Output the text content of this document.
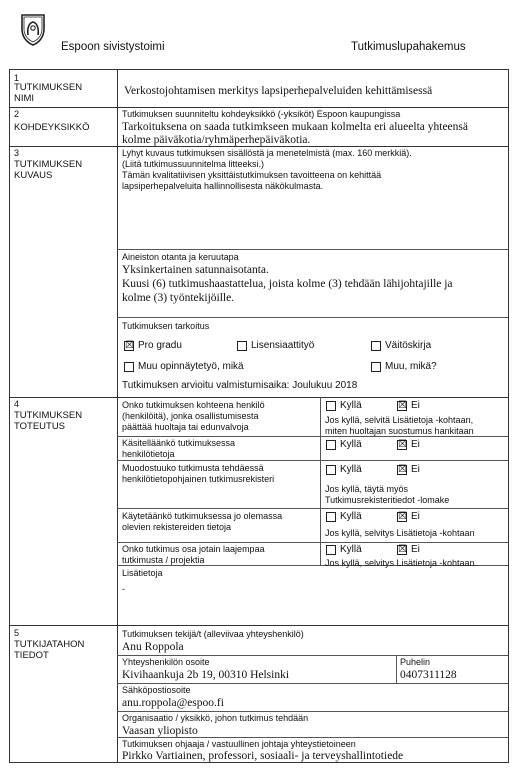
Espoon sivistystoimi	Tutkimuslupahakemus
1
TUTKIMUKSEN
NIMI
Verkostojohtamisen merkitys lapsiperhepalveluiden kehittämisessä
2
KOHDEYKSIKKÖ
Tutkimuksen suunniteltu kohdeyksikkö (-yksiköt) Espoon kaupungissa
Tarkoituksena on saada tutkimkseen mukaan kolmelta eri alueelta yhteensä
kolme päiväkotia/ryhmäperhepäiväkotia.
3
TUTKIMUKSEN
KUVAUS
Lyhyt kuvaus tutkimuksen sisällöstä ja menetelmistä (max. 160 merkkiä).
(Liitä tutkimussuunnitelma litteeksi.)
Tämän kvalitatiivisen yksittäistutkimuksen tavoitteena on kehittää
lapsiperhepalveluita hallinnollisesta näkökulmasta.
Aineiston otanta ja keruutapa
Yksinkertainen satunnaisotanta.
Kuusi (6) tutkimushaastattelua, joista kolme (3) tehdään lähijohtajille ja
kolme (3) työntekijöille.
Tutkimuksen tarkoitus
☒ Pro gradu	Lisensiaattityö	Väitöskirja
Muu opinnäytetyö, mikä	Muu, mikä?
Tutkimuksen arvioitu valmistumisaika: Joulukuu 2018
4
TUTKIMUKSEN
TOTEUTUS
Onko tutkimuksen kohteena henkilö
(henkilöitä), jonka osallistumisesta
päättää huoltaja tai edunvalvoja
Kyllä	☒ Ei
Jos kyllä, selvitä Lisätietoja -kohtaan,
miten huoltajan suostumus hankitaan
Käsitelläänkö tutkimuksessa
henkilötietoja
Kyllä	☒ Ei
Muodostuuko tutkimusta tehdäessä
henkilötietopohjainen tutkimusrekisteri
Kyllä	☒ Ei
Jos kyllä, täytä myös
Tutkimusrekisteritiedot -lomake
Käytetäänkö tutkimuksessa jo olemassa
olevien rekistereiden tietoja
Kyllä	☒ Ei
Jos kyllä, selvitys Lisätietoja -kohtaan
Onko tutkimus osa jotain laajempaa
tutkimusta / projektia
Kyllä	☒ Ei
Jos kyllä, selvitys Lisätietoja -kohtaan.
Lisätietoja
-
5
TUTKIJATAHON
TIEDOT
Tutkimuksen tekijä/t (alleviivaa yhteyshenkilö)
Anu Roppola
Yhteyshenkilön osoite
Kivihaankuja 2b 19, 00310 Helsinki
Puhelin
0407311128
Sähköpostiosoite
anu.roppola@espoo.fi
Organisaatio / yksikkö, johon tutkimus tehdään
Vaasan yliopisto
Tutkimuksen ohjaaja / vastuullinen johtaja yhteystietoineen
Pirkko Vartiainen, professori, sosiaali- ja terveyshallintotiede
